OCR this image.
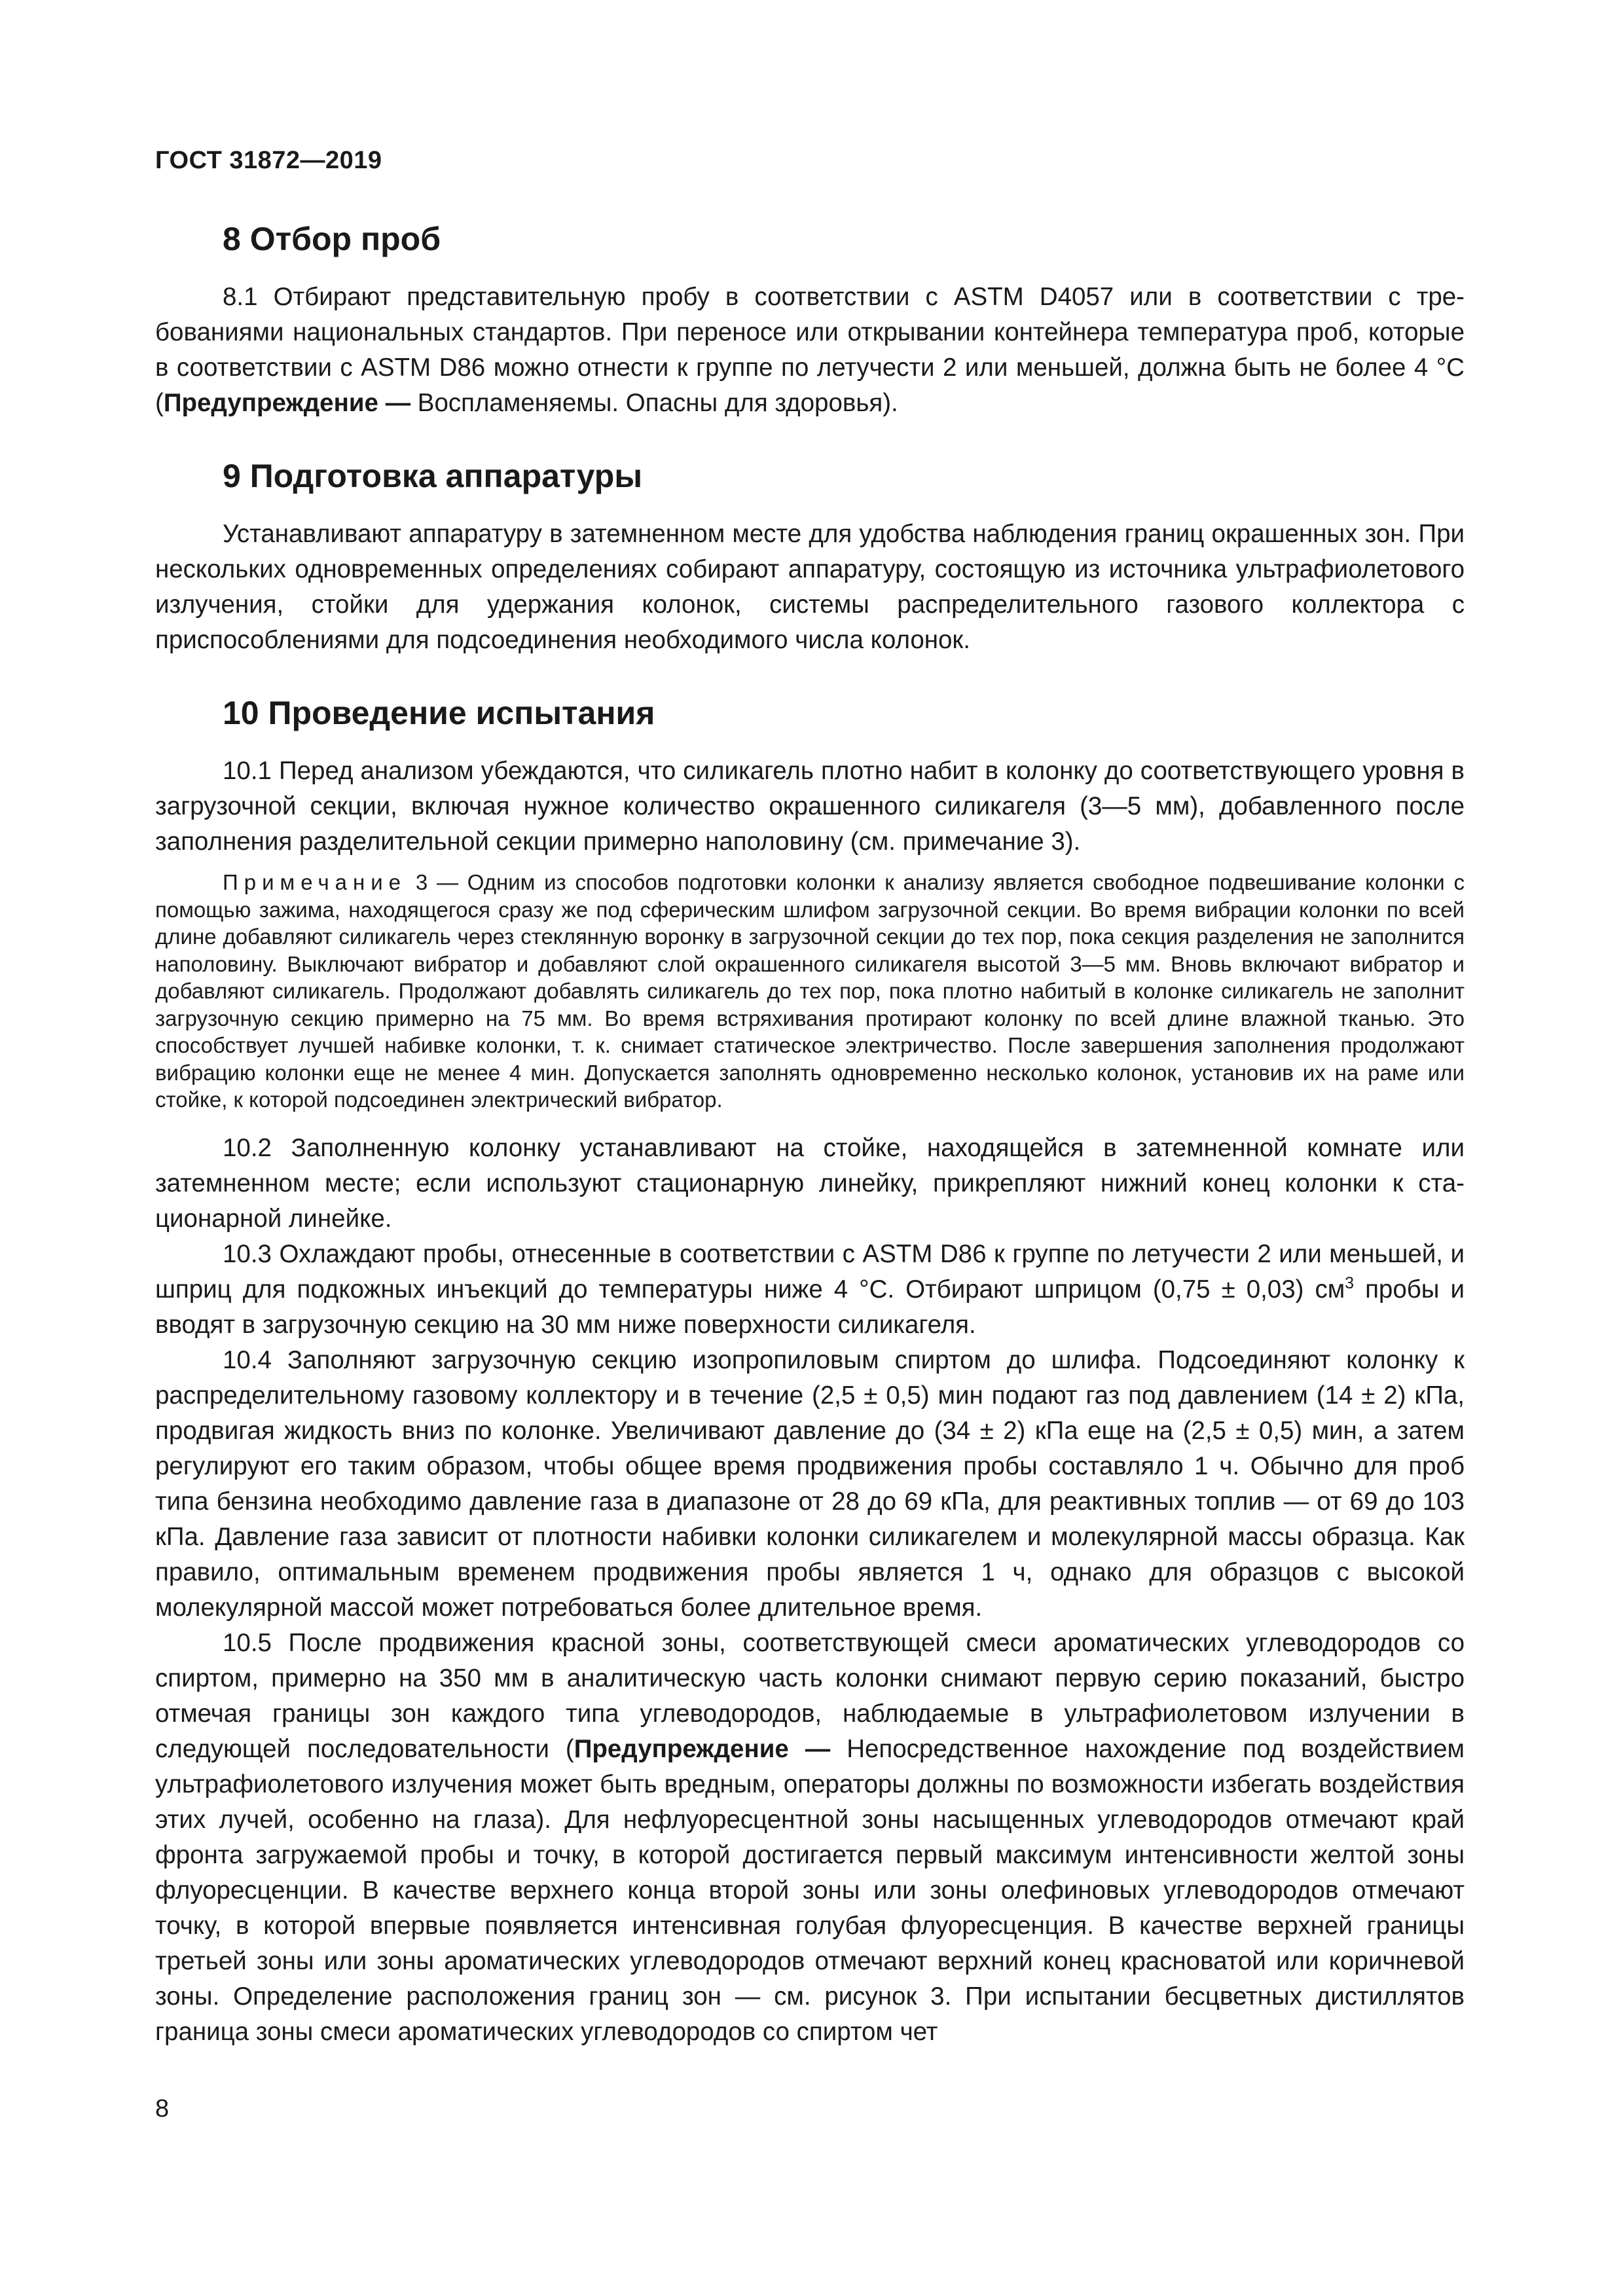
ГОСТ 31872—2019
8 Отбор проб

8.1 Отбирают представительную пробу в соответствии с ASTM D4057 или в соответствии с требованиями национальных стандартов. При переносе или открывании контейнера температура проб, которые в соответствии с ASTM D86 можно отнести к группе по летучести 2 или меньшей, должна быть не более 4 °С (Предупреждение — Воспламеняемы. Опасны для здоровья).

9 Подготовка аппаратуры

Устанавливают аппаратуру в затемненном месте для удобства наблюдения границ окрашенных зон. При нескольких одновременных определениях собирают аппаратуру, состоящую из источника ультрафиолетового излучения, стойки для удержания колонок, системы распределительного газового коллектора с приспособлениями для подсоединения необходимого числа колонок.

10 Проведение испытания

10.1 Перед анализом убеждаются, что силикагель плотно набит в колонку до соответствующего уровня в загрузочной секции, включая нужное количество окрашенного силикагеля (3—5 мм), добавленного после заполнения разделительной секции примерно наполовину (см. примечание 3).

Примечание 3 — Одним из способов подготовки колонки к анализу является свободное подвешивание колонки с помощью зажима, находящегося сразу же под сферическим шлифом загрузочной секции. Во время вибрации колонки по всей длине добавляют силикагель через стеклянную воронку в загрузочной секции до тех пор, пока секция разделения не заполнится наполовину. Выключают вибратор и добавляют слой окрашенного силикагеля высотой 3—5 мм. Вновь включают вибратор и добавляют силикагель. Продолжают добавлять силикагель до тех пор, пока плотно набитый в колонке силикагель не заполнит загрузочную секцию примерно на 75 мм. Во время встряхивания протирают колонку по всей длине влажной тканью. Это способствует лучшей набивке колонки, т. к. снимает статическое электричество. После завершения заполнения продолжают вибрацию колонки еще не менее 4 мин. Допускается заполнять одновременно несколько колонок, установив их на раме или стойке, к которой подсоединен электрический вибратор.

10.2 Заполненную колонку устанавливают на стойке, находящейся в затемненной комнате или затемненном месте; если используют стационарную линейку, прикрепляют нижний конец колонки к стационарной линейке.

10.3 Охлаждают пробы, отнесенные в соответствии с ASTM D86 к группе по летучести 2 или меньшей, и шприц для подкожных инъекций до температуры ниже 4 °С. Отбирают шприцом (0,75 ± 0,03) $см^3$ пробы и вводят в загрузочную секцию на 30 мм ниже поверхности силикагеля.

10.4 Заполняют загрузочную секцию изопропиловым спиртом до шлифа. Подсоединяют колонку к распределительному газовому коллектору и в течение (2,5 ± 0,5) мин подают газ под давлением (14 ± 2) кПа, продвигая жидкость вниз по колонке. Увеличивают давление до (34 ± 2) кПа еще на (2,5 ± 0,5) мин, а затем регулируют его таким образом, чтобы общее время продвижения пробы составляло 1 ч. Обычно для проб типа бензина необходимо давление газа в диапазоне от 28 до 69 кПа, для реактивных топлив — от 69 до 103 кПа. Давление газа зависит от плотности набивки колонки силикагелем и молекулярной массы образца. Как правило, оптимальным временем продвижения пробы является 1 ч, однако для образцов с высокой молекулярной массой может потребоваться более длительное время.

10.5 После продвижения красной зоны, соответствующей смеси ароматических углеводородов со спиртом, примерно на 350 мм в аналитическую часть колонки снимают первую серию показаний, быстро отмечая границы зон каждого типа углеводородов, наблюдаемые в ультрафиолетовом излучении в следующей последовательности (Предупреждение — Непосредственное нахождение под воздействием ультрафиолетового излучения может быть вредным, операторы должны по возможности избегать воздействия этих лучей, особенно на глаза). Для нефлуоресцентной зоны насыщенных углеводородов отмечают край фронта загружаемой пробы и точку, в которой достигается первый максимум интенсивности желтой зоны флуоресценции. В качестве верхнего конца второй зоны или зоны олефиновых углеводородов отмечают точку, в которой впервые появляется интенсивная голубая флуоресценция. В качестве верхней границы третьей зоны или зоны ароматических углеводородов отмечают верхний конец красноватой или коричневой зоны. Определение расположения границ зон — см. рисунок 3. При испытании бесцветных дистиллятов граница зоны смеси ароматических углеводородов со спиртом чет

8
